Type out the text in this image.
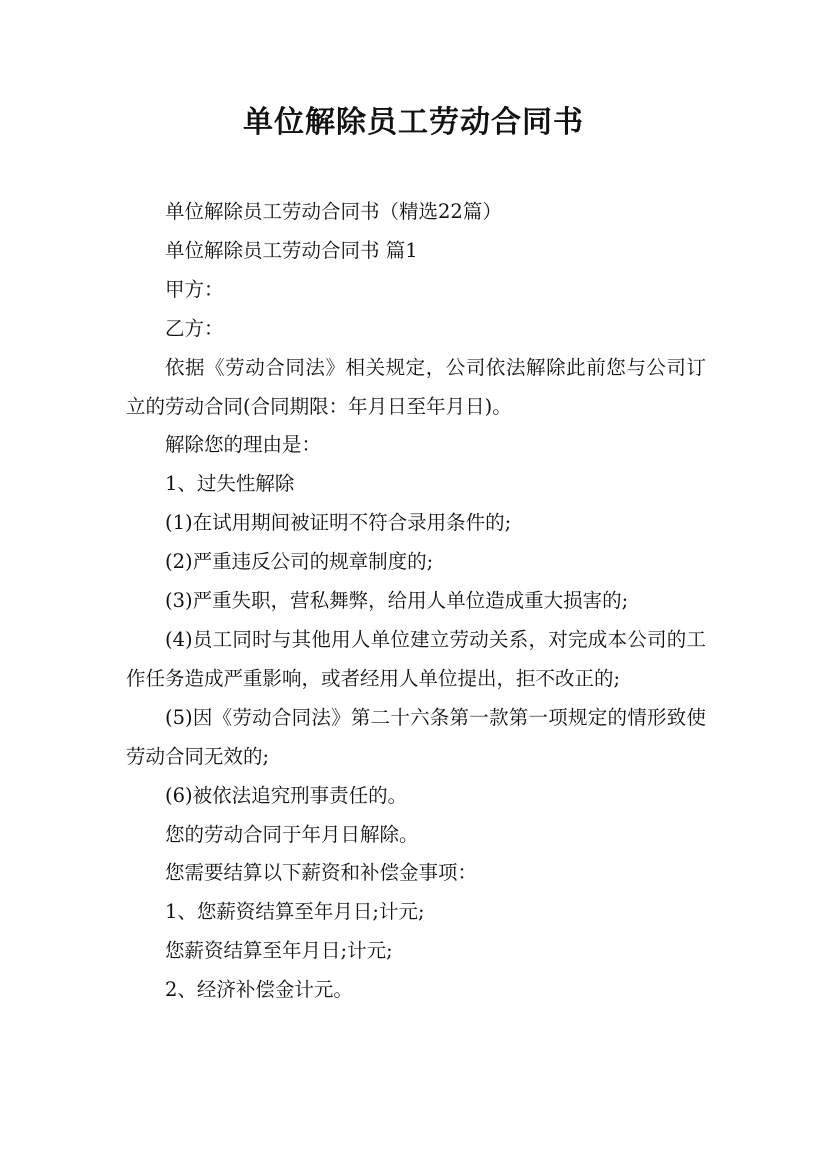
单位解除员工劳动合同书

单位解除员工劳动合同书（精选22篇）

单位解除员工劳动合同书 篇1

甲方：

乙方：

依据《劳动合同法》相关规定，公司依法解除此前您与公司订立的劳动合同(合同期限：年月日至年月日)。

解除您的理由是：

1、过失性解除

(1)在试用期间被证明不符合录用条件的;

(2)严重违反公司的规章制度的;

(3)严重失职，营私舞弊，给用人单位造成重大损害的;

(4)员工同时与其他用人单位建立劳动关系，对完成本公司的工作任务造成严重影响，或者经用人单位提出，拒不改正的;

(5)因《劳动合同法》第二十六条第一款第一项规定的情形致使劳动合同无效的;

(6)被依法追究刑事责任的。

您的劳动合同于年月日解除。

您需要结算以下薪资和补偿金事项：

1、您薪资结算至年月日;计元;

您薪资结算至年月日;计元;

2、经济补偿金计元。
